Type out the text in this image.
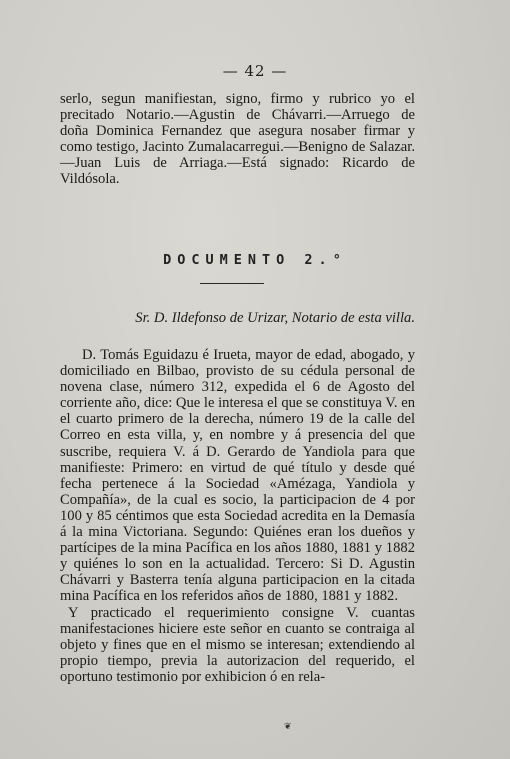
— 42 —

serlo, segun manifiestan, signo, firmo y rubrico yo el precitado Notario.—Agustin de Chávarri.—Arruego de doña Dominica Fernandez que asegura nosaber firmar y como testigo, Jacinto Zumalacarregui.—Benigno de Salazar.—Juan Luis de Arriaga.—Está signado: Ricardo de Vildósola.

DOCUMENTO 2.°
Sr. D. Ildefonso de Urizar, Notario de esta villa.

D. Tomás Eguidazu é Irueta, mayor de edad, abogado, y domiciliado en Bilbao, provisto de su cédula personal de novena clase, número 312, expedida el 6 de Agosto del corriente año, dice: Que le interesa el que se constituya V. en el cuarto primero de la derecha, número 19 de la calle del Correo en esta villa, y, en nombre y á presencia del que suscribe, requiera V. á D. Gerardo de Yandiola para que manifieste: Primero: en virtud de qué título y desde qué fecha pertenece á la Sociedad «Amézaga, Yandiola y Compañía», de la cual es socio, la participacion de 4 por 100 y 85 céntimos que esta Sociedad acredita en la Demasía á la mina Victoriana. Segundo: Quiénes eran los dueños y partícipes de la mina Pacífica en los años 1880, 1881 y 1882 y quiénes lo son en la actualidad. Tercero: Si D. Agustin Chávarri y Basterra tenía alguna participacion en la citada mina Pacífica en los referidos años de 1880, 1881 y 1882.

Y practicado el requerimiento consigne V. cuantas manifestaciones hiciere este señor en cuanto se contraiga al objeto y fines que en el mismo se interesan; extendiendo al propio tiempo, previa la autorizacion del requerido, el oportuno testimonio por exhibicion ó en rela-

❦
